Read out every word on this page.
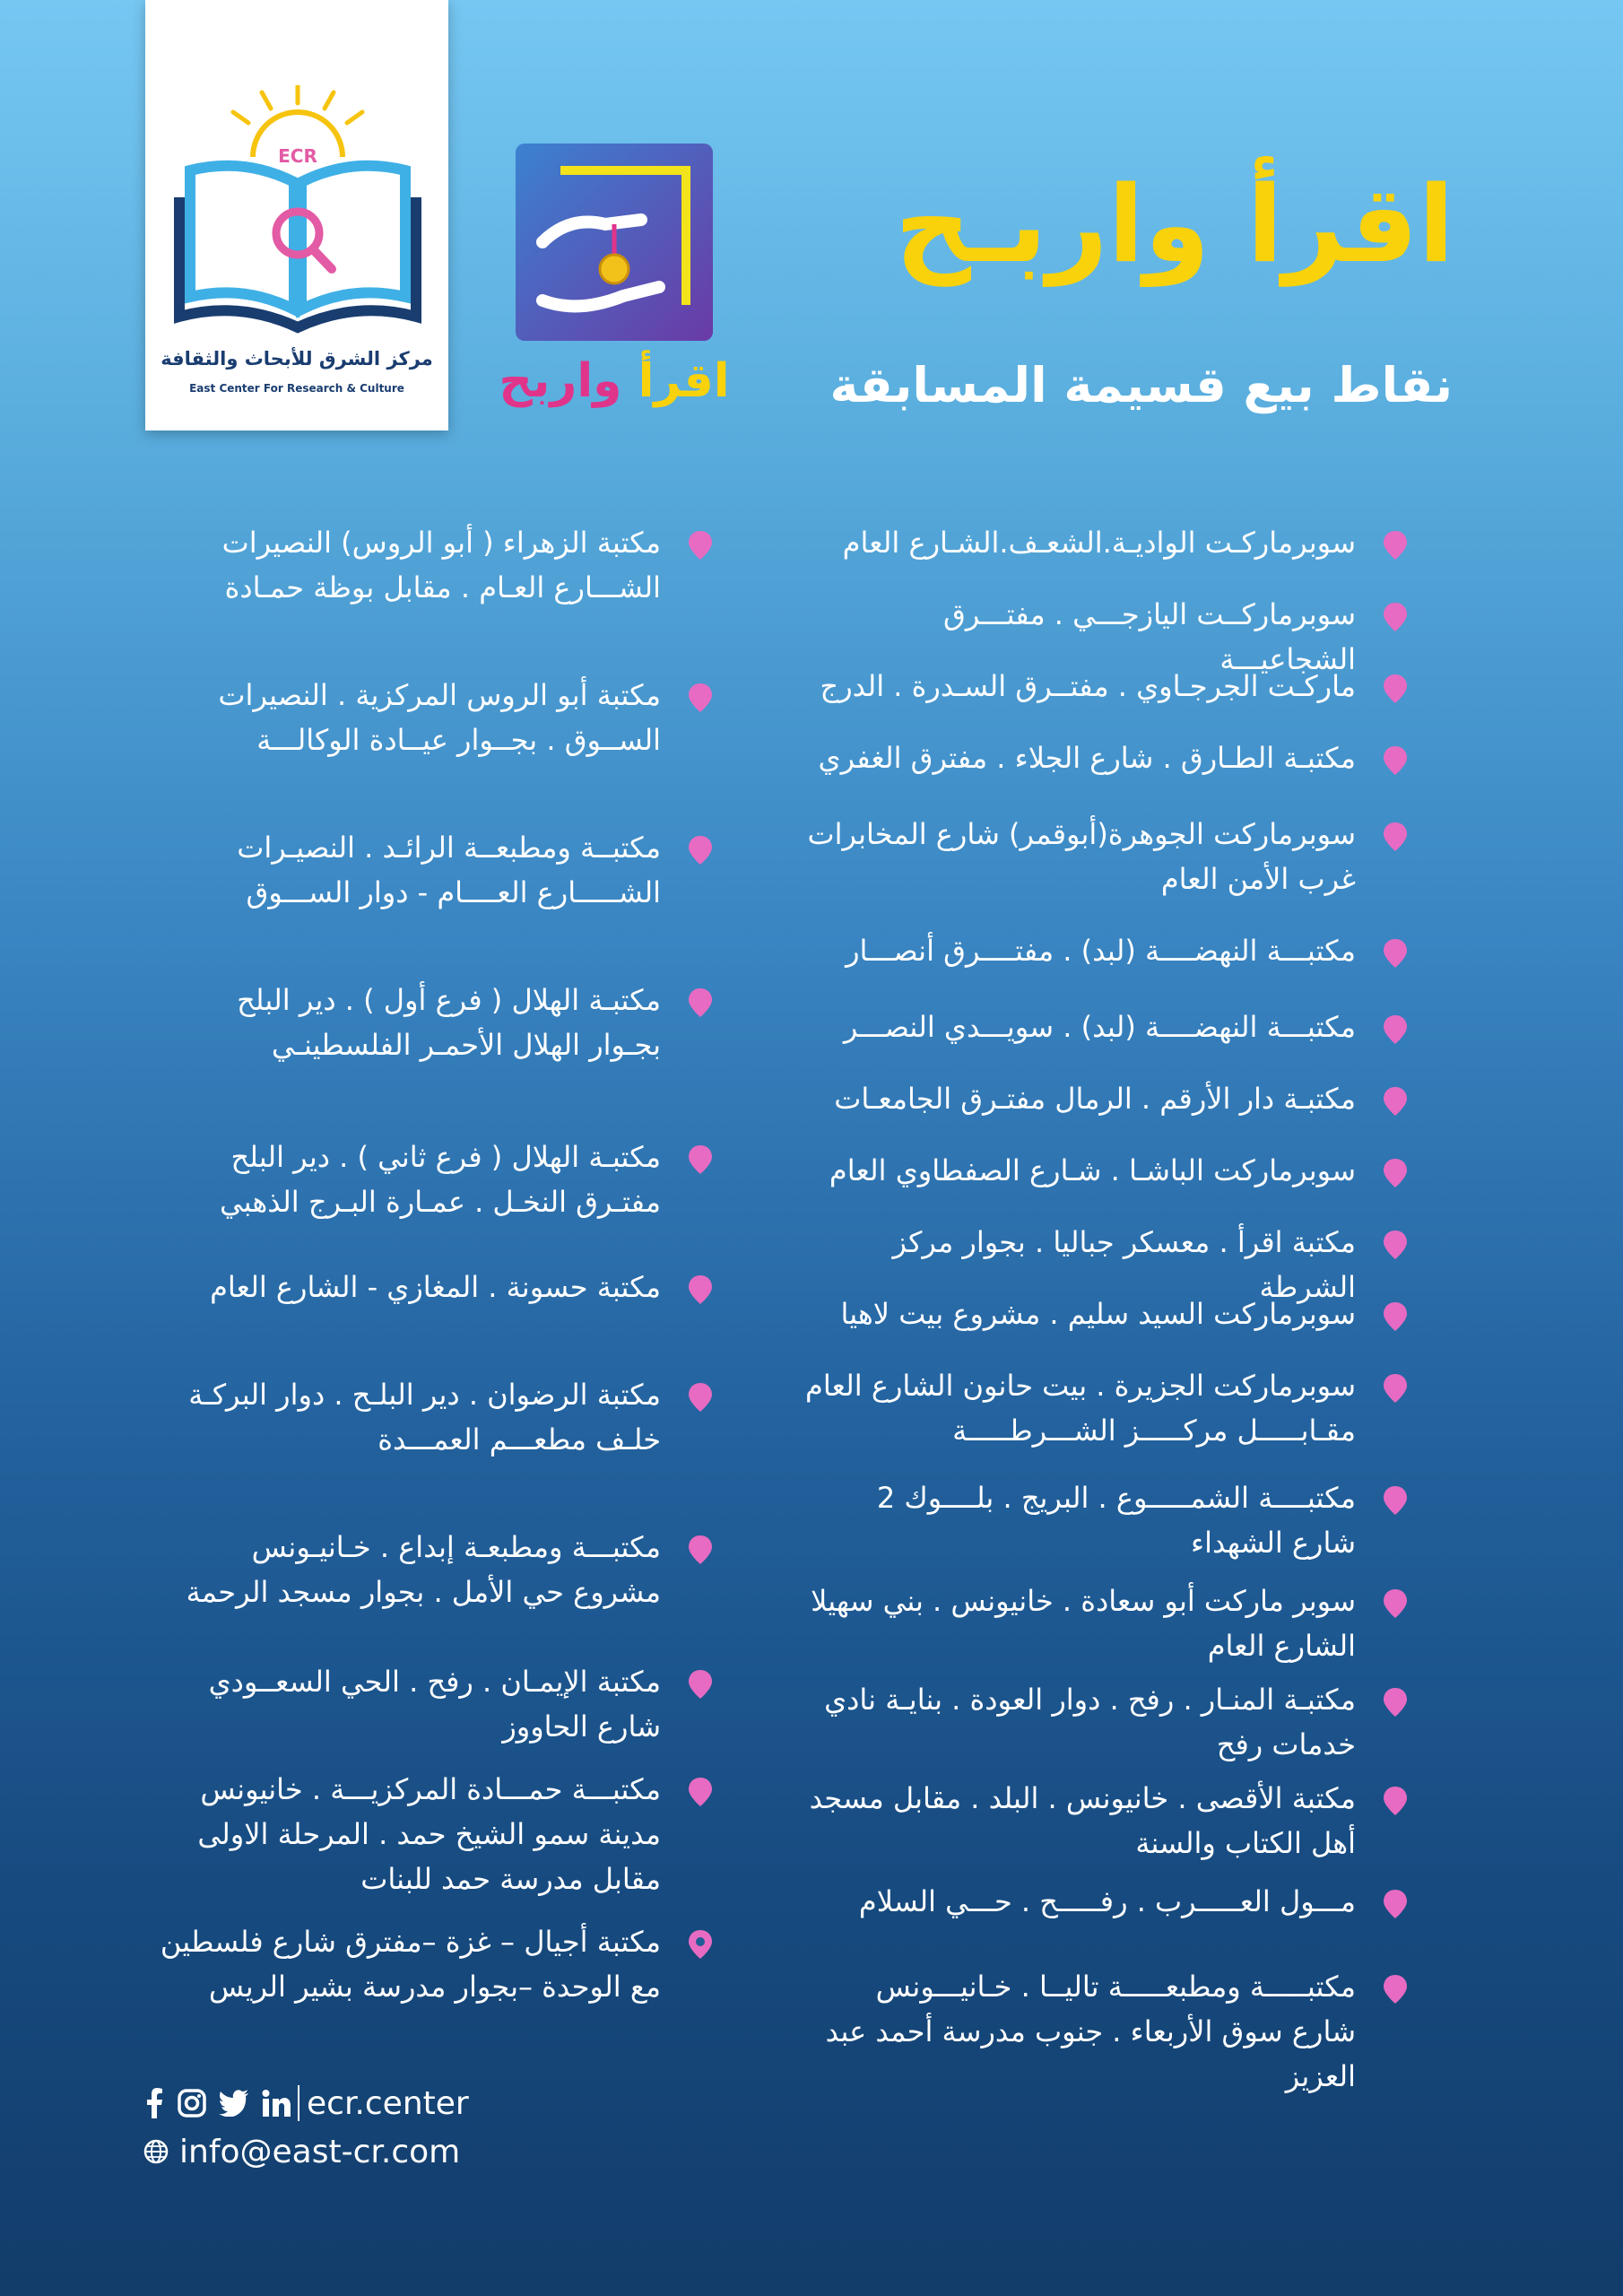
ECR
مركز الشرق للأبحاث والثقافة
East Center For Research & Culture	اقرأ واربح
اقرأ واربـح
نقاط بيع قسيمة المسابقة
سوبرماركـت الواديـة.الشعـف.الشـارع العام
سوبرماركــت اليازجـــي . مفتـــرق الشجاعيـــة
ماركـت الجرجـاوي . مفتــرق السـدرة . الدرج
مكتبـة الطـارق . شارع الجلاء . مفترق الغفري
سوبرماركت الجوهرة(أبوقمر) شارع المخابرات
غرب الأمن العام
مكتبـــة النهضــــة (لبد) . مفتــــرق أنصـــار
مكتبـــة النهضــــة (لبد) . سويـــدي النصـــر
مكتبـة دار الأرقم . الرمال مفتـرق الجامعـات
سوبرماركت الباشـا . شـارع الصفطاوي العام
مكتبة اقرأ . معسكر جباليا . بجوار مركز الشرطة
سوبرماركت السيد سليم . مشروع بيت لاهيا
سوبرماركت الجزيرة . بيت حانون الشارع العام
مقـابـــــل مركـــــز الشـــرطـــــة
مكتبــــة الشمـــــوع . البريج . بلــــوك 2
شارع الشهداء
سوبر ماركت أبو سعادة . خانيونس . بني سهيلا
الشارع العام
مكتبـة المنـار . رفح . دوار العودة . بنايـة نادي
خدمات رفح
مكتبة الأقصى . خانيونس . البلد . مقابل مسجد
أهل الكتاب والسنة
مـــول العـــــرب . رفـــــح . حـــي السلام
مكتبـــــة ومطبعـــــة تاليــا . خـانيـــونس
شارع سوق الأربعاء . جنوب مدرسة أحمد عبد العزيز
مكتبة الزهراء ( أبو الروس) النصيرات
الشـــارع العـام . مقابل بوظة حمـادة
مكتبة أبو الروس المركزية . النصيرات
الســوق . بجــوار عيــادة الوكالـــة
مكتبــة ومطبعــة الرائـد . النصيـرات
الشـــــارع العــــام - دوار الســـوق
مكتبـة الهلال ( فرع أول ) . دير البلح
بجـوار الهلال الأحمـر الفلسطينـي
مكتبـة الهلال ( فرع ثاني ) . دير البلح
مفتـرق النخـل . عمـارة البـرج الذهبي
مكتبة حسونة . المغازي - الشارع العام
مكتبة الرضوان . دير البلـح . دوار البركـة
خلـف مطعـــم العمـــدة
مكتبـــة ومطبعـة إبداع . خـانيـونس
مشروع حي الأمل . بجوار مسجد الرحمة
مكتبة الإيمـان . رفح . الحي السعــودي
شارع الحاووز
مكتبـــة حمـــادة المركزيـــة . خانيونس
مدينة سمو الشيخ حمد . المرحلة الاولى
مقابل مدرسة حمد للبنات
مكتبة أجيال – غزة –مفترق شارع فلسطين
مع الوحدة –بجوار مدرسة بشير الريس
ecr.center
info@east-cr.com
